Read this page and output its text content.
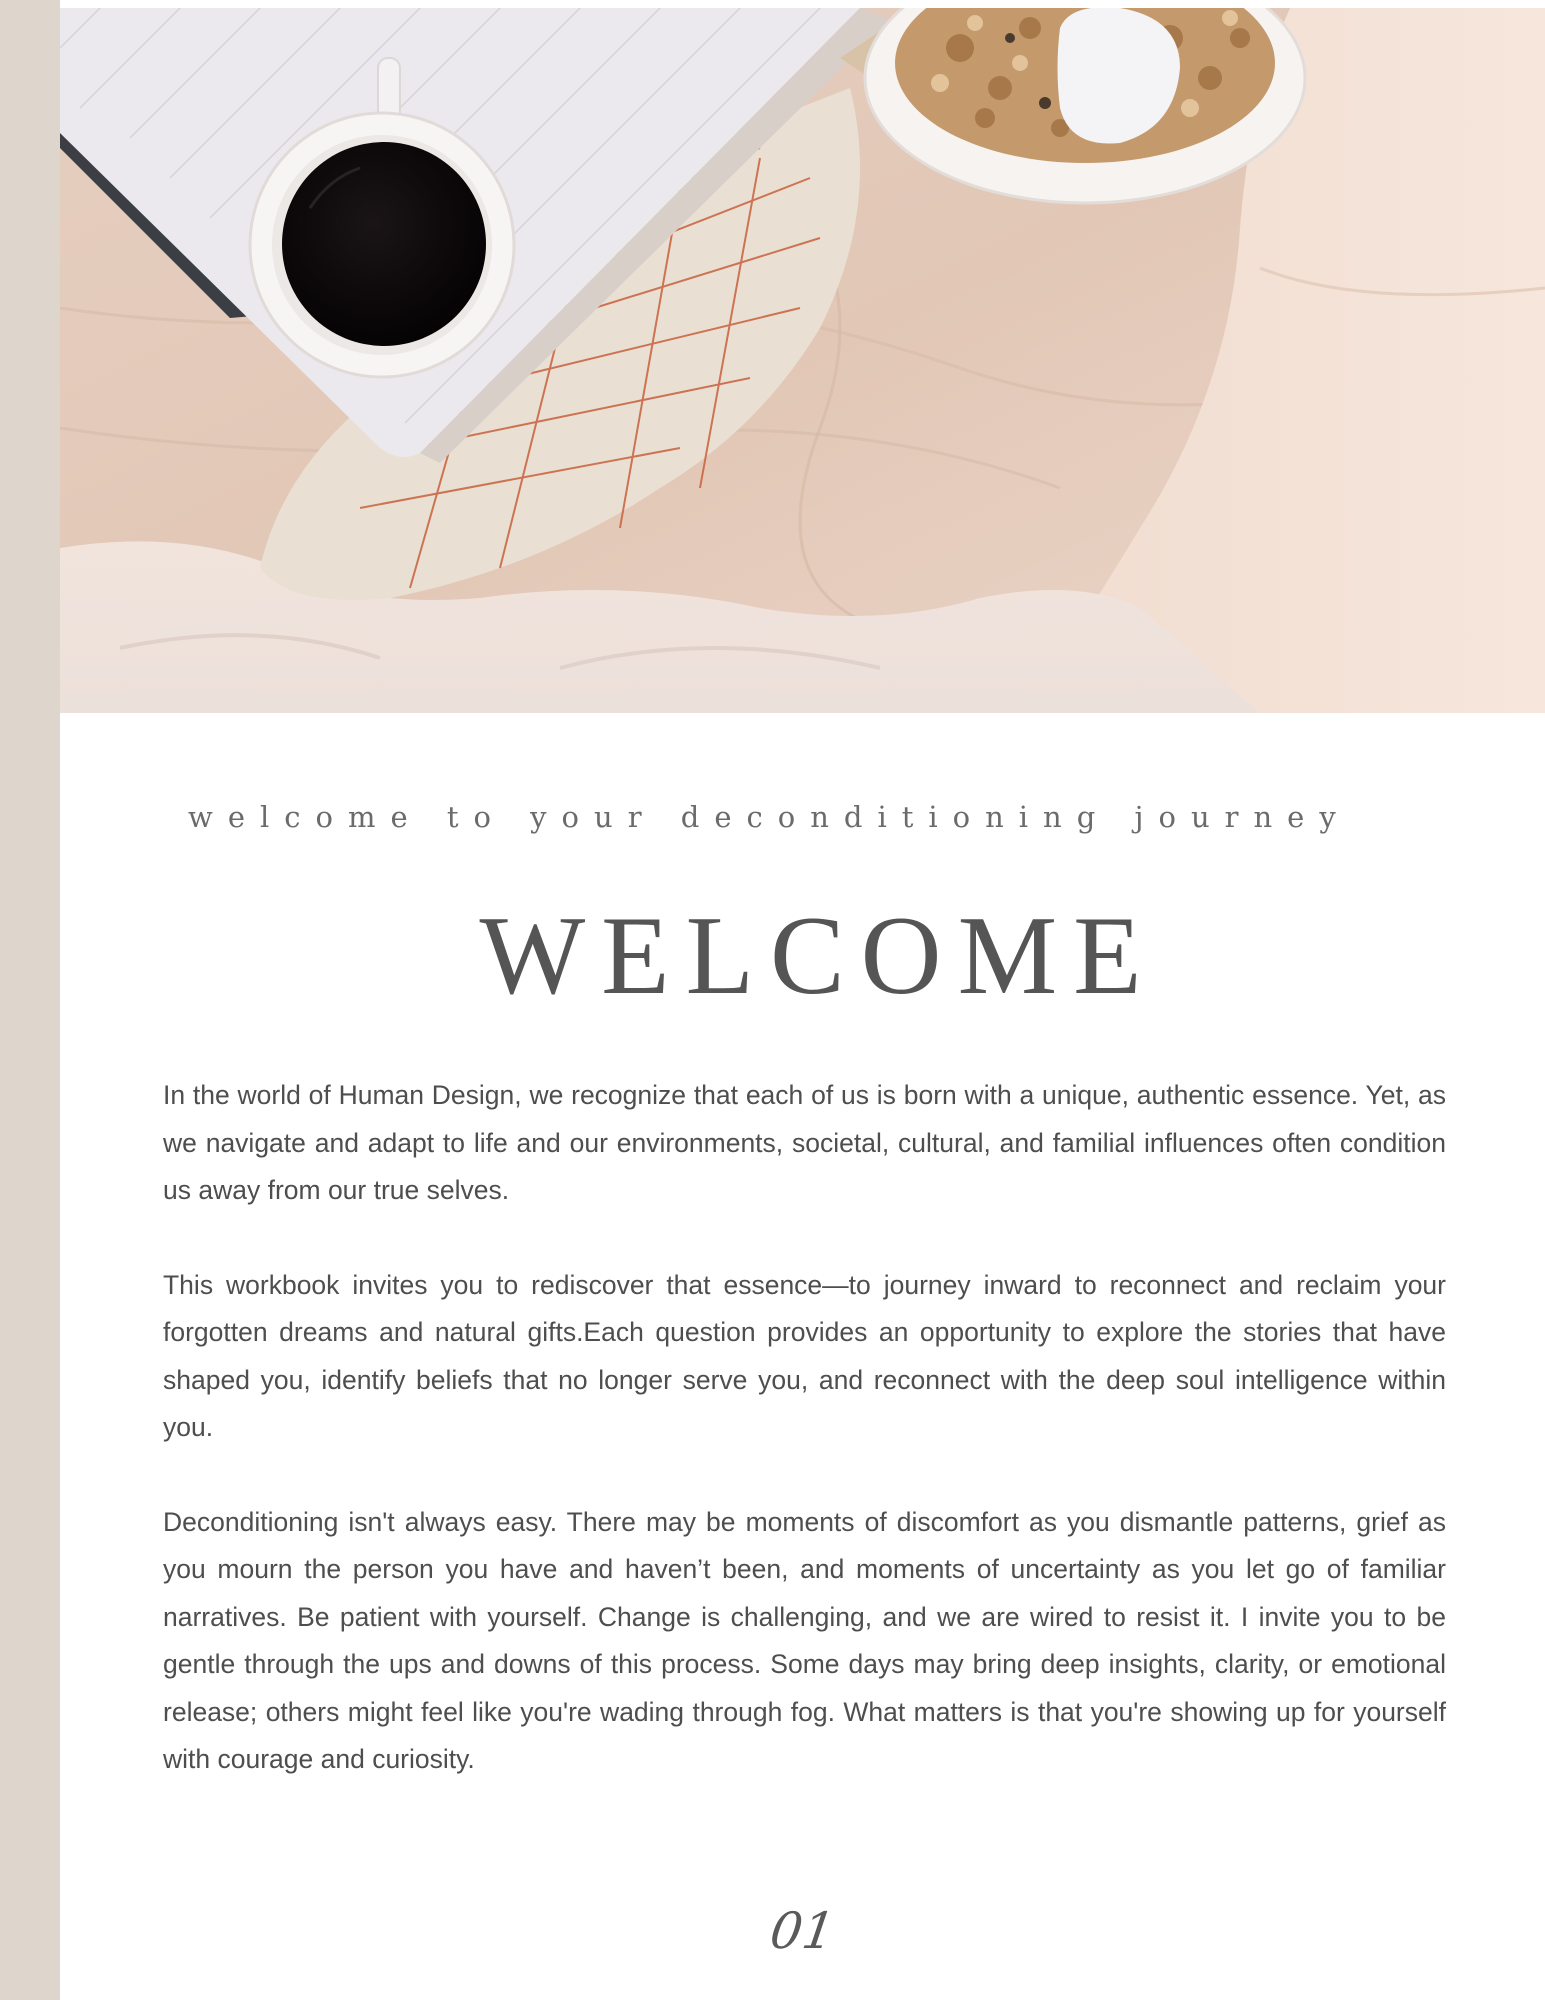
welcome to your deconditioning journey
WELCOME

In the world of Human Design, we recognize that each of us is born with a unique, authentic essence. Yet, as we navigate and adapt to life and our environments, societal, cultural, and familial influences often condition us away from our true selves.

This workbook invites you to rediscover that essence—to journey inward to reconnect and reclaim your forgotten dreams and natural gifts.Each question provides an opportunity to explore the stories that have shaped you, identify beliefs that no longer serve you, and reconnect with the deep soul intelligence within you.

Deconditioning isn't always easy. There may be moments of discomfort as you dismantle patterns, grief as you mourn the person you have and haven’t been, and moments of uncertainty as you let go of familiar narratives. Be patient with yourself. Change is challenging, and we are wired to resist it. I invite you to be gentle through the ups and downs of this process. Some days may bring deep insights, clarity, or emotional release; others might feel like you're wading through fog. What matters is that you're showing up for yourself with courage and curiosity.

01
